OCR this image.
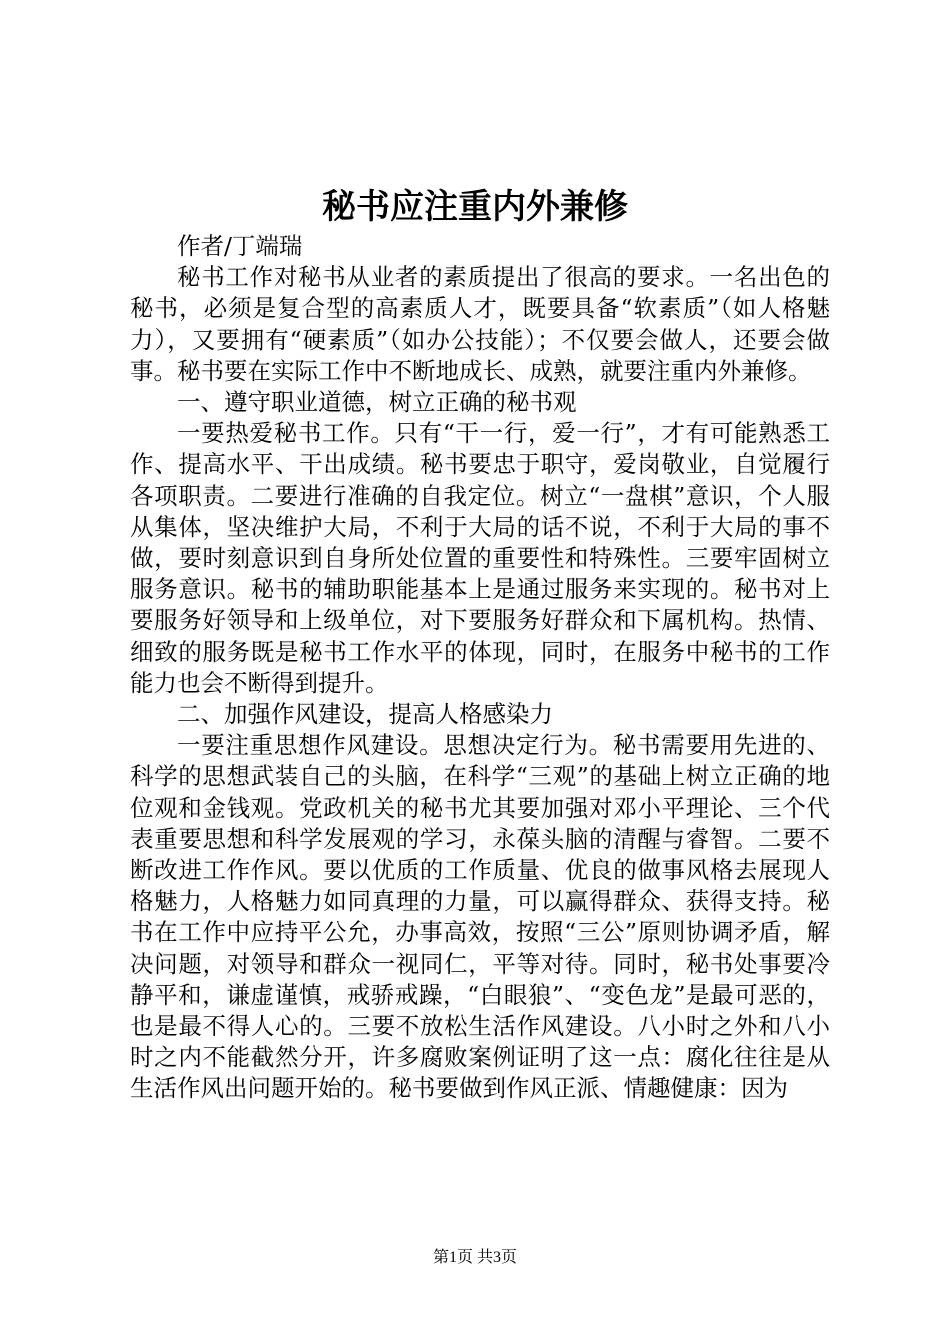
秘书应注重内外兼修

作者/丁端瑞

秘书工作对秘书从业者的素质提出了很高的要求。一名出色的秘书，必须是复合型的高素质人才，既要具备“软素质”（如人格魅力），又要拥有“硬素质”（如办公技能）；不仅要会做人，还要会做事。秘书要在实际工作中不断地成长、成熟，就要注重内外兼修。

一、遵守职业道德，树立正确的秘书观

一要热爱秘书工作。只有“干一行，爱一行”，才有可能熟悉工作、提高水平、干出成绩。秘书要忠于职守，爱岗敬业，自觉履行各项职责。二要进行准确的自我定位。树立“一盘棋”意识，个人服从集体，坚决维护大局，不利于大局的话不说，不利于大局的事不做，要时刻意识到自身所处位置的重要性和特殊性。三要牢固树立服务意识。秘书的辅助职能基本上是通过服务来实现的。秘书对上要服务好领导和上级单位，对下要服务好群众和下属机构。热情、细致的服务既是秘书工作水平的体现，同时，在服务中秘书的工作能力也会不断得到提升。

二、加强作风建设，提高人格感染力

一要注重思想作风建设。思想决定行为。秘书需要用先进的、科学的思想武装自己的头脑，在科学“三观”的基础上树立正确的地位观和金钱观。党政机关的秘书尤其要加强对邓小平理论、三个代表重要思想和科学发展观的学习，永葆头脑的清醒与睿智。二要不断改进工作作风。要以优质的工作质量、优良的做事风格去展现人格魅力，人格魅力如同真理的力量，可以赢得群众、获得支持。秘书在工作中应持平公允，办事高效，按照“三公”原则协调矛盾，解决问题，对领导和群众一视同仁，平等对待。同时，秘书处事要冷静平和，谦虚谨慎，戒骄戒躁，“白眼狼”、“变色龙”是最可恶的，也是最不得人心的。三要不放松生活作风建设。八小时之外和八小时之内不能截然分开，许多腐败案例证明了这一点：腐化往往是从生活作风出问题开始的。秘书要做到作风正派、情趣健康：因为

第1页 共3页
